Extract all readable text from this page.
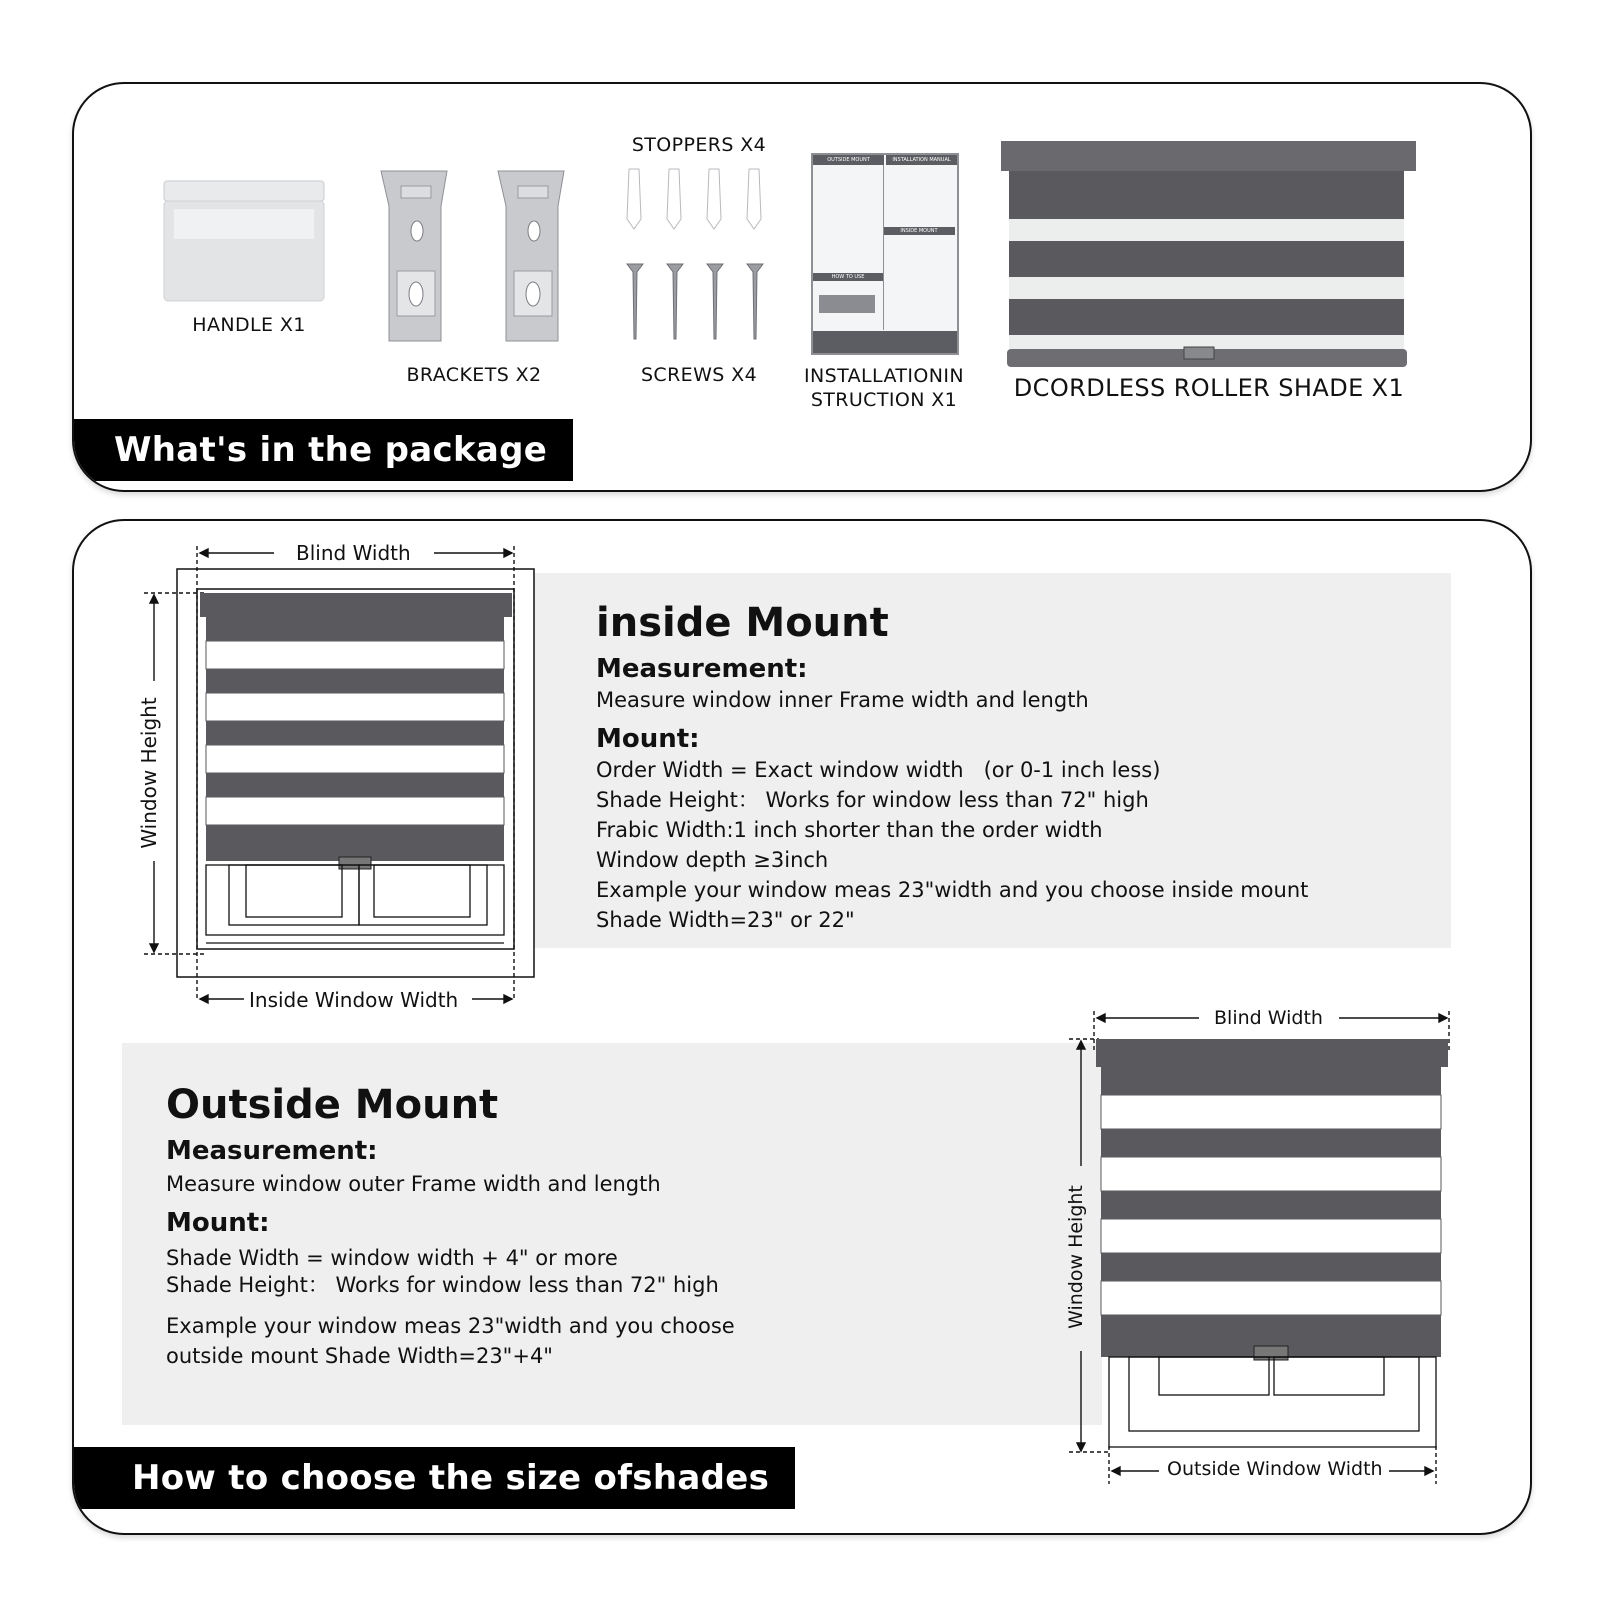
HANDLE X1
BRACKETS X2
STOPPERS X4
SCREWS X4
OUTSIDE MOUNT	INSTALLATION MANUAL
INSIDE MOUNT
HOW TO USE
INSTALLATIONIN
STRUCTION X1	DCORDLESS ROLLER SHADE X1
What's in the package
inside Mount
Measurement:
Measure window inner Frame width and length
Mount:
Order Width = Exact window width   (or 0-1 inch less)
Shade Height： Works for window less than 72" high
Frabic Width:1 inch shorter than the order width
Window depth ≥3inch
Example your window meas 23"width and you choose inside mount
Shade Width=23" or 22"
Blind Width
Window Height
Inside Window Width
Outside Mount
Measurement:
Measure window outer Frame width and length
Mount:
Shade Width = window width + 4" or more
Shade Height： Works for window less than 72" high
Example your window meas 23"width and you choose
outside mount Shade Width=23"+4"
Blind Width
Window Height
Outside Window Width
How to choose the size ofshades
